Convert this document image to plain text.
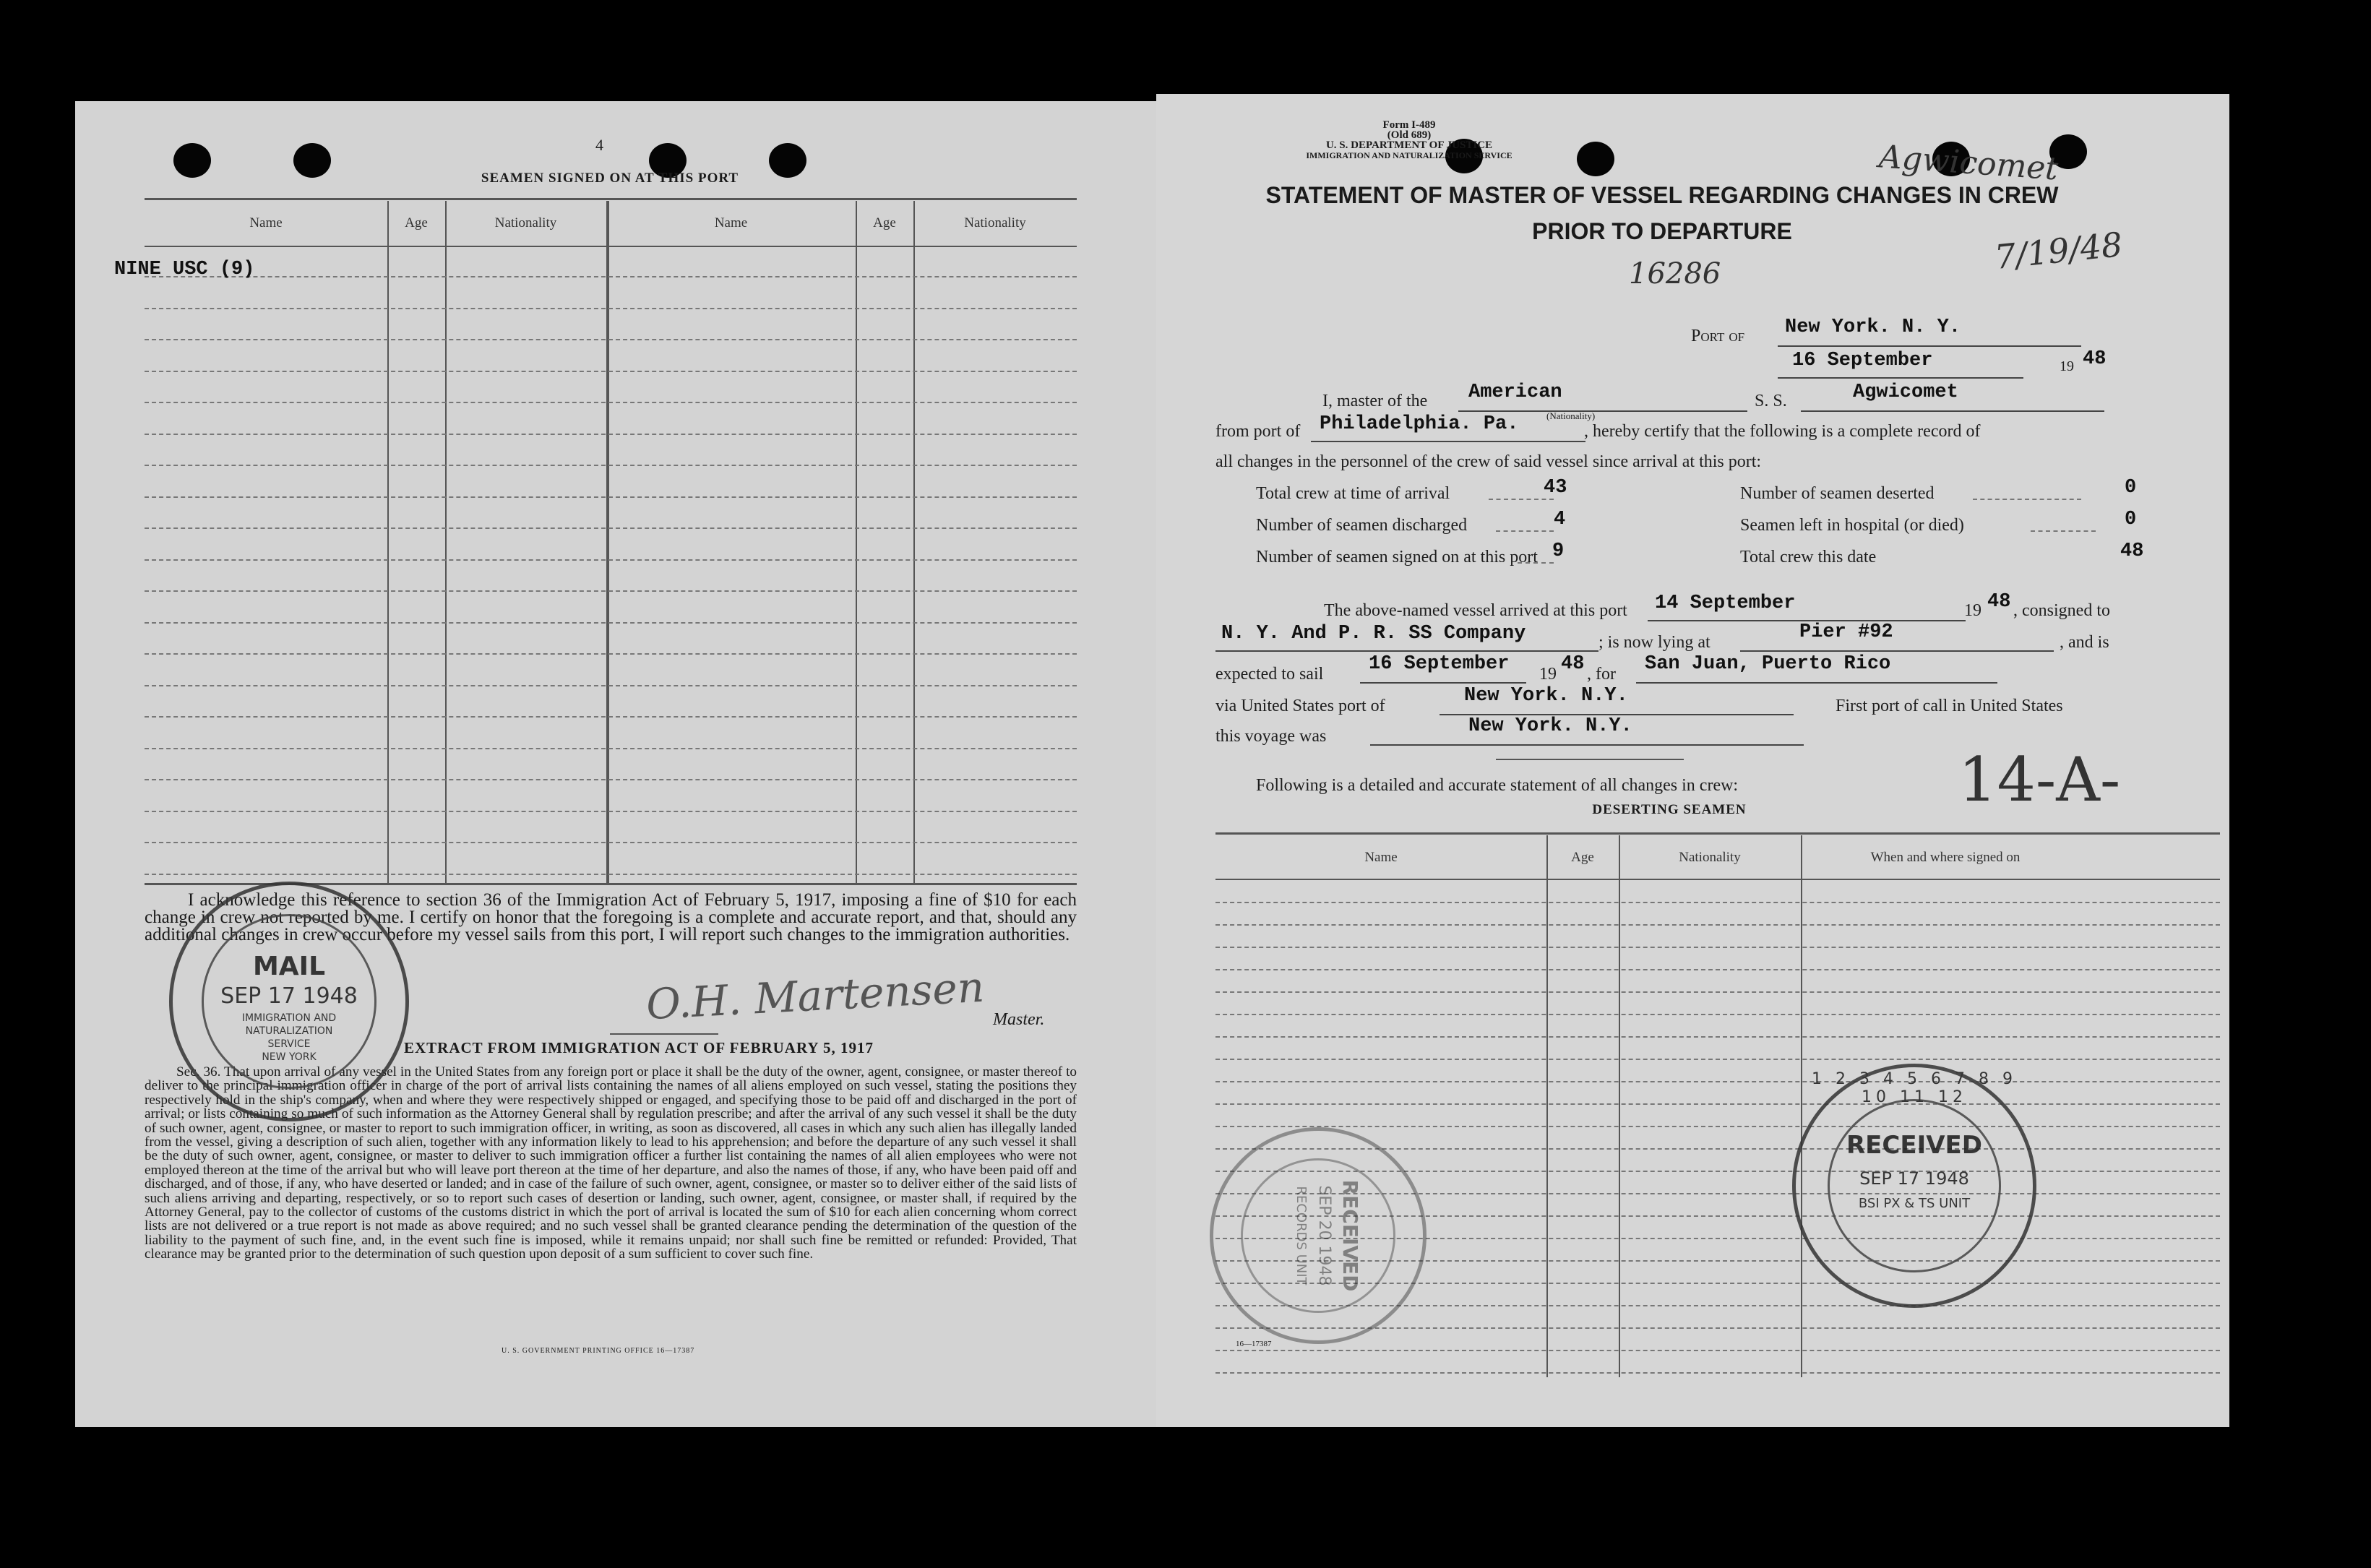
4
SEAMEN SIGNED ON AT THIS PORT
Name	Age	Nationality	Name	Age	Nationality
NINE USC (9)
I acknowledge this reference to section 36 of the Immigration Act of February 5, 1917, imposing a fine of $10 for each change in crew not reported by me. I certify on honor that the foregoing is a complete and accurate report, and that, should any additional changes in crew occur before my vessel sails from this port, I will report such changes to the immigration authorities.
O.H. Martensen Master.
EXTRACT FROM IMMIGRATION ACT OF FEBRUARY 5, 1917
Sec. 36. That upon arrival of any vessel in the United States from any foreign port or place it shall be the duty of the owner, agent, consignee, or master thereof to deliver to the principal immigration officer in charge of the port of arrival lists containing the names of all aliens employed on such vessel, stating the positions they respectively hold in the ship's company, when and where they were respectively shipped or engaged, and specifying those to be paid off and discharged in the port of arrival; or lists containing so much of such information as the Attorney General shall by regulation prescribe; and after the arrival of any such vessel it shall be the duty of such owner, agent, consignee, or master to report to such immigration officer, in writing, as soon as discovered, all cases in which any such alien has illegally landed from the vessel, giving a description of such alien, together with any information likely to lead to his apprehension; and before the departure of any such vessel it shall be the duty of such owner, agent, consignee, or master to deliver to such immigration officer a further list containing the names of all alien employees who were not employed thereon at the time of the arrival but who will leave port thereon at the time of her departure, and also the names of those, if any, who have been paid off and discharged, and of those, if any, who have deserted or landed; and in case of the failure of such owner, agent, consignee, or master so to deliver either of the said lists of such aliens arriving and departing, respectively, or so to report such cases of desertion or landing, such owner, agent, consignee, or master shall, if required by the Attorney General, pay to the collector of customs of the customs district in which the port of arrival is located the sum of $10 for each alien concerning whom correct lists are not delivered or a true report is not made as above required; and no such vessel shall be granted clearance pending the determination of the question of the liability to the payment of such fine, and, in the event such fine is imposed, while it remains unpaid; nor shall such fine be remitted or refunded: Provided, That clearance may be granted prior to the determination of such question upon deposit of a sum sufficient to cover such fine.
U. S. GOVERNMENT PRINTING OFFICE 16—17387
MAIL
SEP 17 1948
IMMIGRATION AND
NATURALIZATION
SERVICE
NEW YORK
Form I-489
(Old 689)
U. S. DEPARTMENT OF JUSTICE
IMMIGRATION AND NATURALIZATION SERVICE	Agwicomet
STATEMENT OF MASTER OF VESSEL REGARDING CHANGES IN CREW
PRIOR TO DEPARTURE
16286	7/19/48
Port of New York. N. Y.
16 September	19 48
I, master of the American
(Nationality)
S. S.	Agwicomet
from port of Philadelphia. Pa.	, hereby certify that the following is a complete record of
all changes in the personnel of the crew of said vessel since arrival at this port:
Total crew at time of arrival	43	Number of seamen deserted	0
Number of seamen discharged	4	Seamen left in hospital (or died)	0
Number of seamen signed on at this port 9	Total crew this date	48
The above-named vessel arrived at this port 14 September	19 48 , consigned to
N. Y. And P. R. SS Company	; is now lying at	Pier #92	, and is
expected to sail 16 September 19 48 , for San Juan, Puerto Rico
via United States port of	New York. N.Y.	First port of call in United States
this voyage was	New York. N.Y.
Following is a detailed and accurate statement of all changes in crew:	14-A-
DESERTING SEAMEN
Name	Age	Nationality	When and where signed on
16—17387
1 2 3 4 5 6 7 8 9 10 11 12
RECEIVED
SEP 17 1948
BSI PX & TS UNIT
RECEIVED
SEP 20 1948
RECORDS UNIT
